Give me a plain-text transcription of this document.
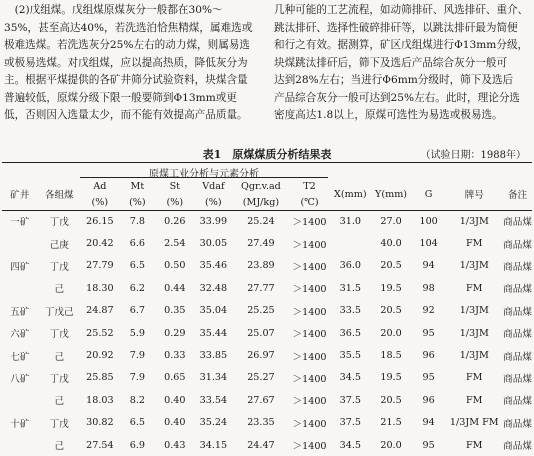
　(2)戊组煤。戊组煤原煤灰分一般都在30%～

35%，甚至高达40%，若洗选泊恰焦精煤，属难选或

极难选煤。若洗选灰分25%左右的动力煤，则属易选

或极易选煤。对戊组煤，应以提高热质，降低灰分为

主。根据平煤提供的各矿井筛分试验资料，块煤含量

普遍较低，原煤分级下限一般要筛到Φ13mm或更

低，否则因入选量太少，而不能有效提高产品质量。

几种可能的工艺流程，如动筛排矸、风选排矸、重介、

跳汰排矸、选择性破碎排矸等，以跳汰排矸最为简便

和行之有效。据测算，矿区戊组煤进行Φ13mm分级，

块煤跳汰排矸后，筛下及选后产品综合灰分一般可

达到28%左右；当进行Φ6mm分级时，筛下及选后

产品综合灰分一般可达到25%左右。此时，理论分选

密度高达1.8以上，原煤可选性为易选或极易选。

表1　原煤煤质分析结果表	（试验日期：1988年）
原煤工业分析与元素分析
矿井	各组煤	Ad	Mt	St	Vdaf	Qgr.v.ad	T2	X(mm)	Y(mm)	G	牌号	备注
		(%)	(%)	(%)	(%)	(MJ/kg)	(℃)					
一矿	丁戊	26.15	7.8	0.26	33.99	25.24	＞1400	31.0	27.0	100	1/3JM	商品煤
	己庚	20.42	6.6	2.54	30.05	27.49	＞1400		40.0	104	FM	商品煤
四矿	丁戊	27.79	6.5	0.50	35.46	23.89	＞1400	36.0	20.5	94	1/3JM	商品煤
	己	18.30	6.2	0.44	32.48	27.77	＞1400	31.5	19.5	98	FM	商品煤
五矿	丁戊己	24.87	6.7	0.35	35.04	25.25	＞1400	33.5	20.5	92	1/3JM	商品煤
六矿	丁戊	25.52	5.9	0.29	35.44	25.07	＞1400	36.5	20.0	95	1/3JM	商品煤
七矿	己	20.92	7.9	0.33	33.85	26.97	＞1400	35.5	18.5	96	1/3JM	商品煤
八矿	丁戊	25.85	7.9	0.65	31.34	25.27	＞1400	34.5	19.5	95	FM	商品煤
	己	18.03	8.2	0.40	33.54	27.67	＞1400	37.5	20.5	96	FM	商品煤
十矿	丁戊	30.82	6.5	0.40	35.24	23.35	＞1400	37.5	21.5	94	1/3JM FM	商品煤
	己	27.54	6.9	0.43	34.15	24.47	＞1400	34.5	20.0	95	FM	商品煤
